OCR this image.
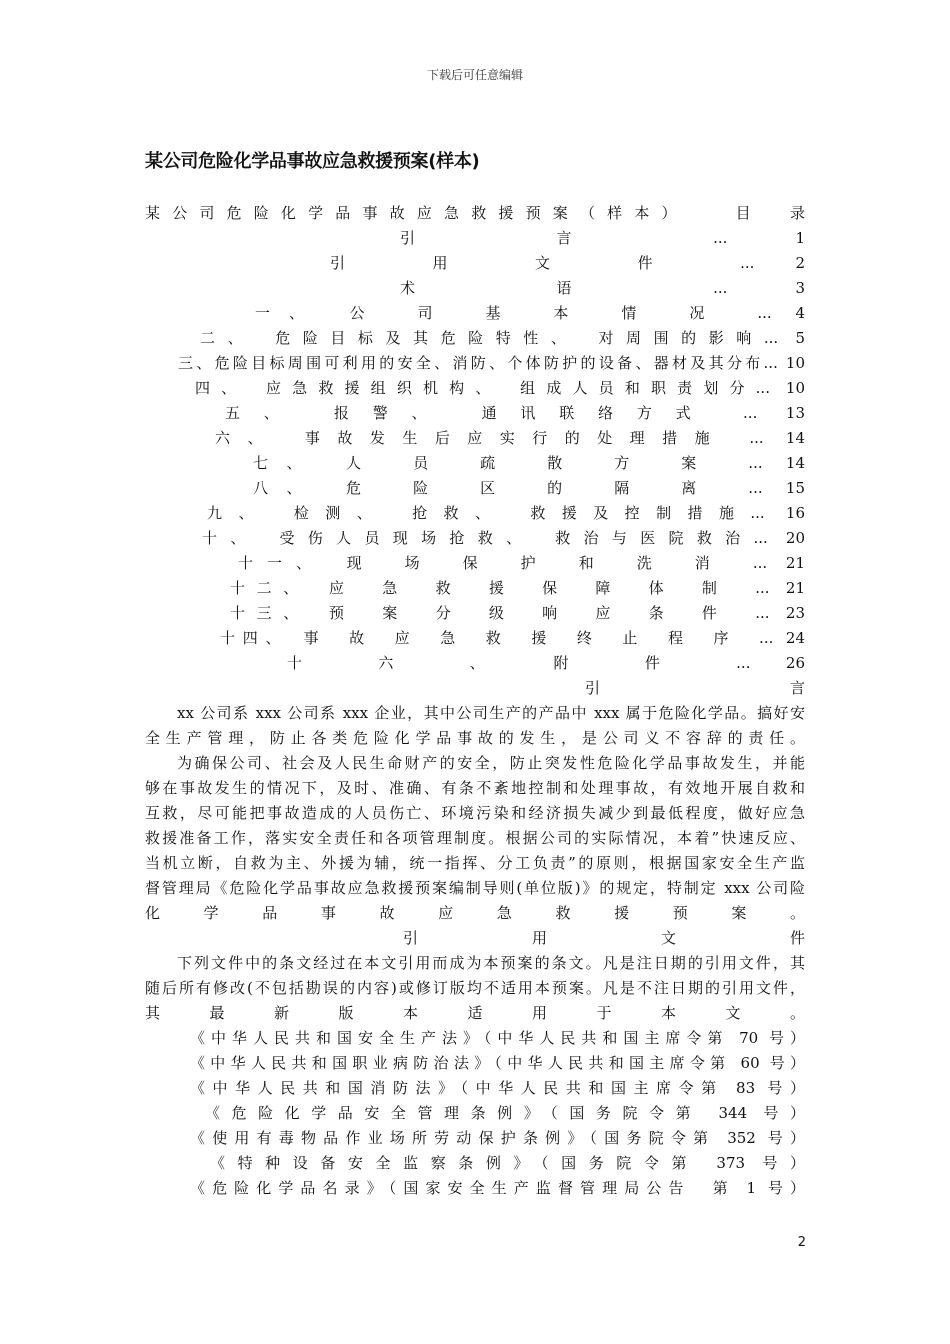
下载后可任意编辑
某公司危险化学品事故应急救援预案(样本)
某公司危险化学品事故应急救援预案（样本）　　目　录
引　言　... 1
引　用　文　件　... 2
术　语　... 3
一、　公　司　基　本　情　况　... 4
二、　危险目标及其危险特性、　对周围的影响... 5
三、危险目标周围可利用的安全、消防、个体防护的设备、器材及其分布... 10
四、　应急救援组织机构、　组成人员和职责划分... 10
五、　报警、　通讯联络方式 ... 13
六、　事故发生后应实行的处理措施 ... 14
七、　人　员　疏　散　方　案　... 14
八、　危　险　区　的　隔　离　... 15
九、　检测、　抢救、　救援及控制措施... 16
十、　受伤人员现场抢救、　救治与医院救治... 20
十一、　现　场　保　护　和　洗　消　... 21
十二、　应　急　救　援　保　障　体　制　... 21
十三、　预　案　分　级　响　应　条　件　... 23
十四、　事　故　应　急　救　援　终　止　程　序　... 24
十　六　、　附　件　... 26
引　言
xx 公司系 xxx 公司系 xxx 企业，其中公司生产的产品中 xxx 属于危险化学品。搞好安
全生产管理，防止各类危险化学品事故的发生，是公司义不容辞的责任。
为确保公司、社会及人民生命财产的安全，防止突发性危险化学品事故发生，并能
够在事故发生的情况下，及时、准确、有条不紊地控制和处理事故，有效地开展自救和
互救，尽可能把事故造成的人员伤亡、环境污染和经济损失减少到最低程度，做好应急
救援准备工作，落实安全责任和各项管理制度。根据公司的实际情况，本着”快速反应、
当机立断，自救为主、外援为辅，统一指挥、分工负责”的原则，根据国家安全生产监
督管理局《危险化学品事故应急救援预案编制导则(单位版)》的规定，特制定 xxx 公司险
化　学　品　事　故　应　急　救　援　预　案　。
引　用　文　件
下列文件中的条文经过在本文引用而成为本预案的条文。凡是注日期的引用文件，其
随后所有修改(不包括勘误的内容)或修订版均不适用本预案。凡是不注日期的引用文件，
其　最　新　版　本　适　用　于　本　文　。
《中华人民共和国安全生产法》（中华人民共和国主席令第 70 号）
《中华人民共和国职业病防治法》（中华人民共和国主席令第 60 号）
《中华人民共和国消防法》（中华人民共和国主席令第 83 号）
《危险化学品安全管理条例》（国务院令第 344 号）
《使用有毒物品作业场所劳动保护条例》（国务院令第 352 号）
《特种设备安全监察条例》（国务院令第 373 号）
《危险化学品名录》（国家安全生产监督管理局公告　第 1 号）
2
